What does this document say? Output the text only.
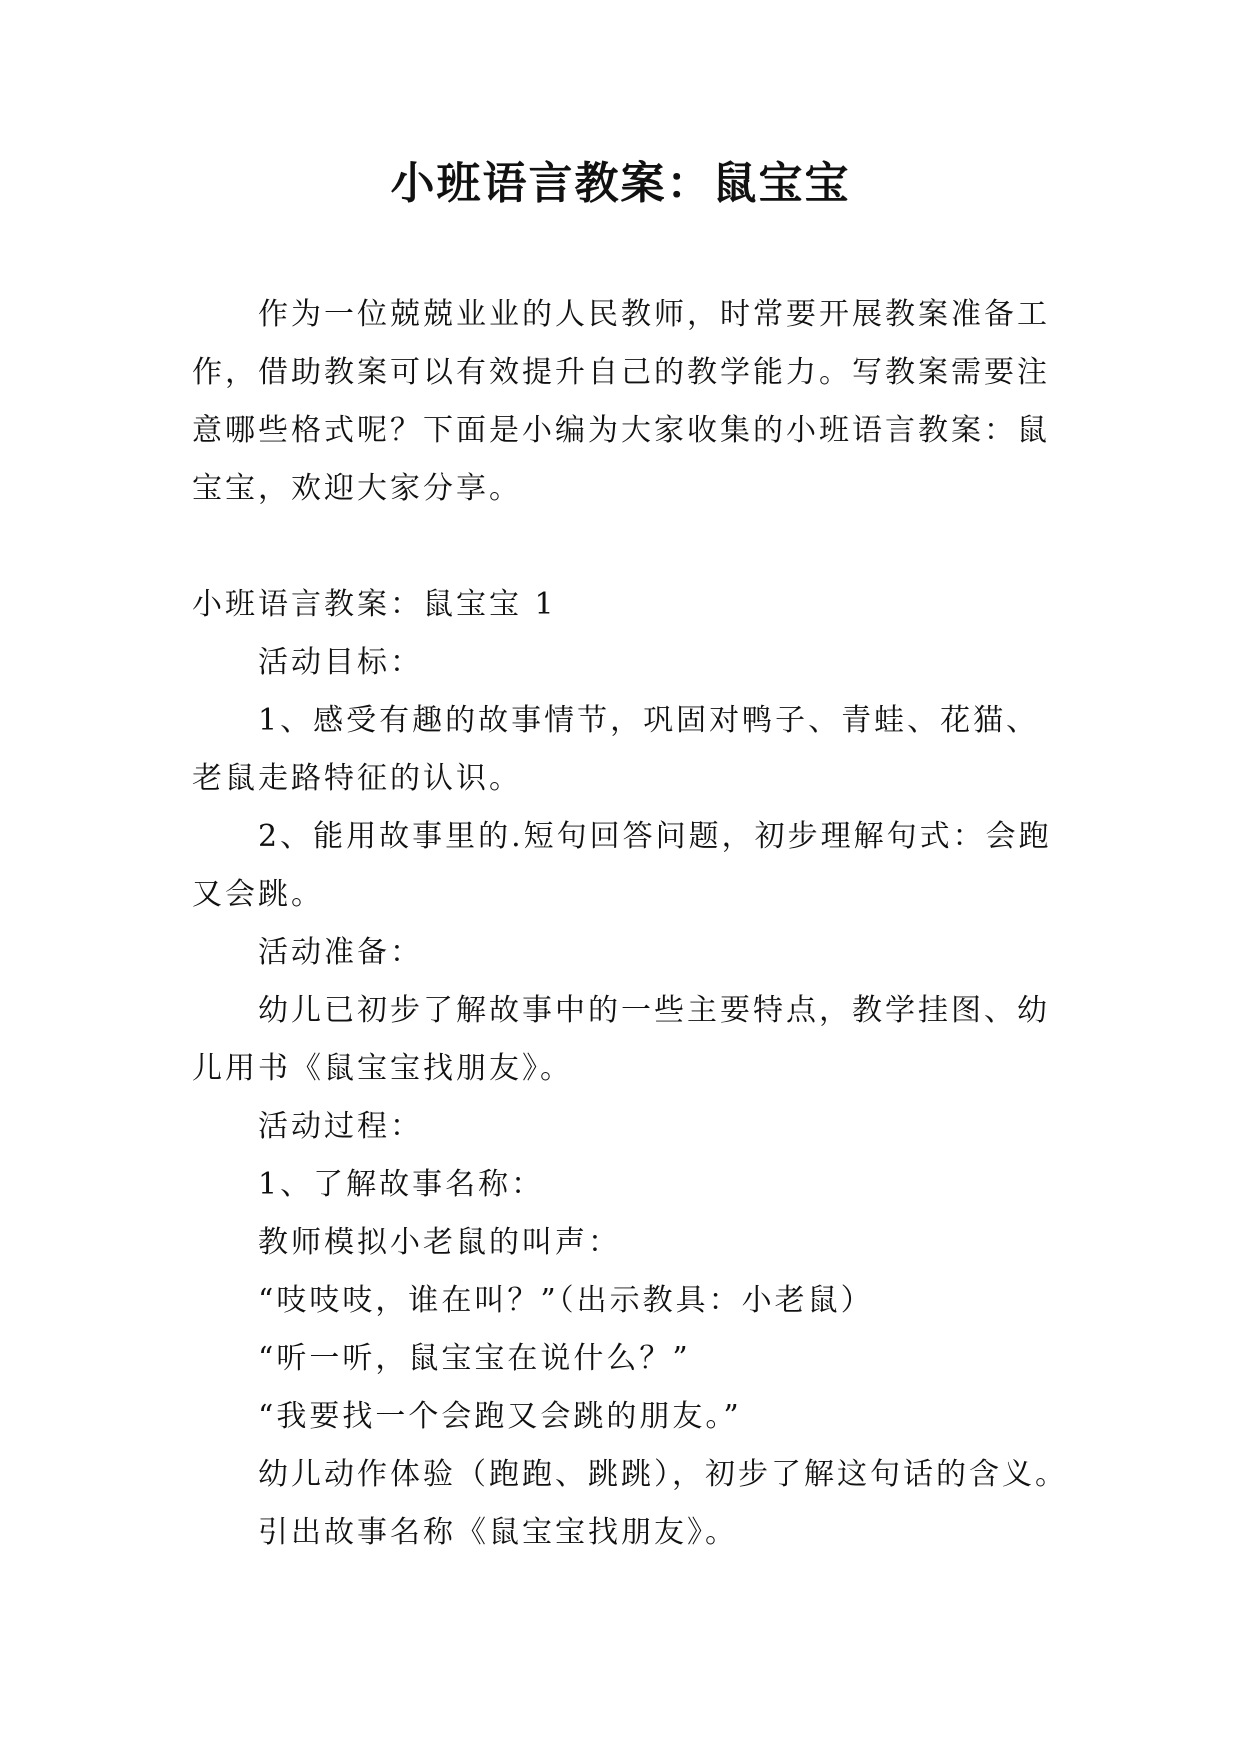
小班语言教案：鼠宝宝

作为一位兢兢业业的人民教师，时常要开展教案准备工作，借助教案可以有效提升自己的教学能力。写教案需要注意哪些格式呢？下面是小编为大家收集的小班语言教案：鼠宝宝，欢迎大家分享。

小班语言教案：鼠宝宝 1

活动目标：

1、感受有趣的故事情节，巩固对鸭子、青蛙、花猫、老鼠走路特征的认识。

2、能用故事里的.短句回答问题，初步理解句式：会跑又会跳。

活动准备：

幼儿已初步了解故事中的一些主要特点，教学挂图、幼儿用书《鼠宝宝找朋友》。

活动过程：

1、了解故事名称：

教师模拟小老鼠的叫声：

“吱吱吱，谁在叫？”（出示教具：小老鼠）

“听一听，鼠宝宝在说什么？”

“我要找一个会跑又会跳的朋友。”

幼儿动作体验（跑跑、跳跳），初步了解这句话的含义。

引出故事名称《鼠宝宝找朋友》。
